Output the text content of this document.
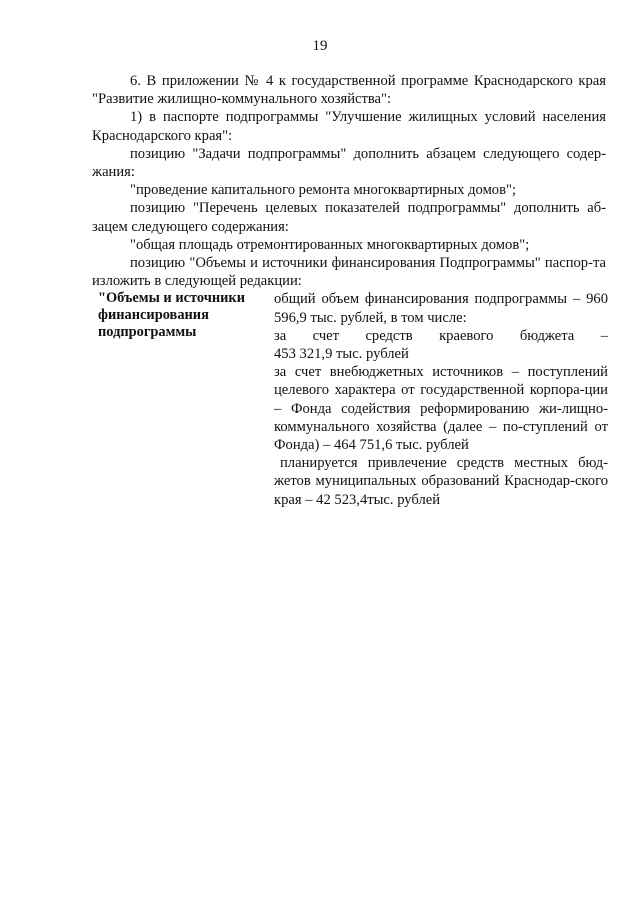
19

6. В приложении № 4 к государственной программе Краснодарского края "Развитие жилищно-коммунального хозяйства":

1) в паспорте подпрограммы "Улучшение жилищных условий населения Краснодарского края":

позицию "Задачи подпрограммы" дополнить абзацем следующего содер-жания:

"проведение капитального ремонта многоквартирных домов";

позицию "Перечень целевых показателей подпрограммы" дополнить аб-зацем следующего содержания:

"общая площадь отремонтированных многоквартирных домов";

позицию "Объемы и источники финансирования Подпрограммы" паспор-та изложить в следующей редакции:

"Объемы и источники
финансирования
подпрограммы

общий объем финансирования подпрограммы – 960 596,9 тыс. рублей, в том числе:

за счет средств краевого бюджета –

453 321,9 тыс. рублей

за счет внебюджетных источников – поступлений целевого характера от государственной корпора-ции – Фонда содействия реформированию жи-лищно-коммунального хозяйства (далее – по-ступлений от Фонда) – 464 751,6 тыс. рублей

планируется привлечение средств местных бюд-жетов муниципальных образований Краснодар-ского края – 42 523,4тыс. рублей
